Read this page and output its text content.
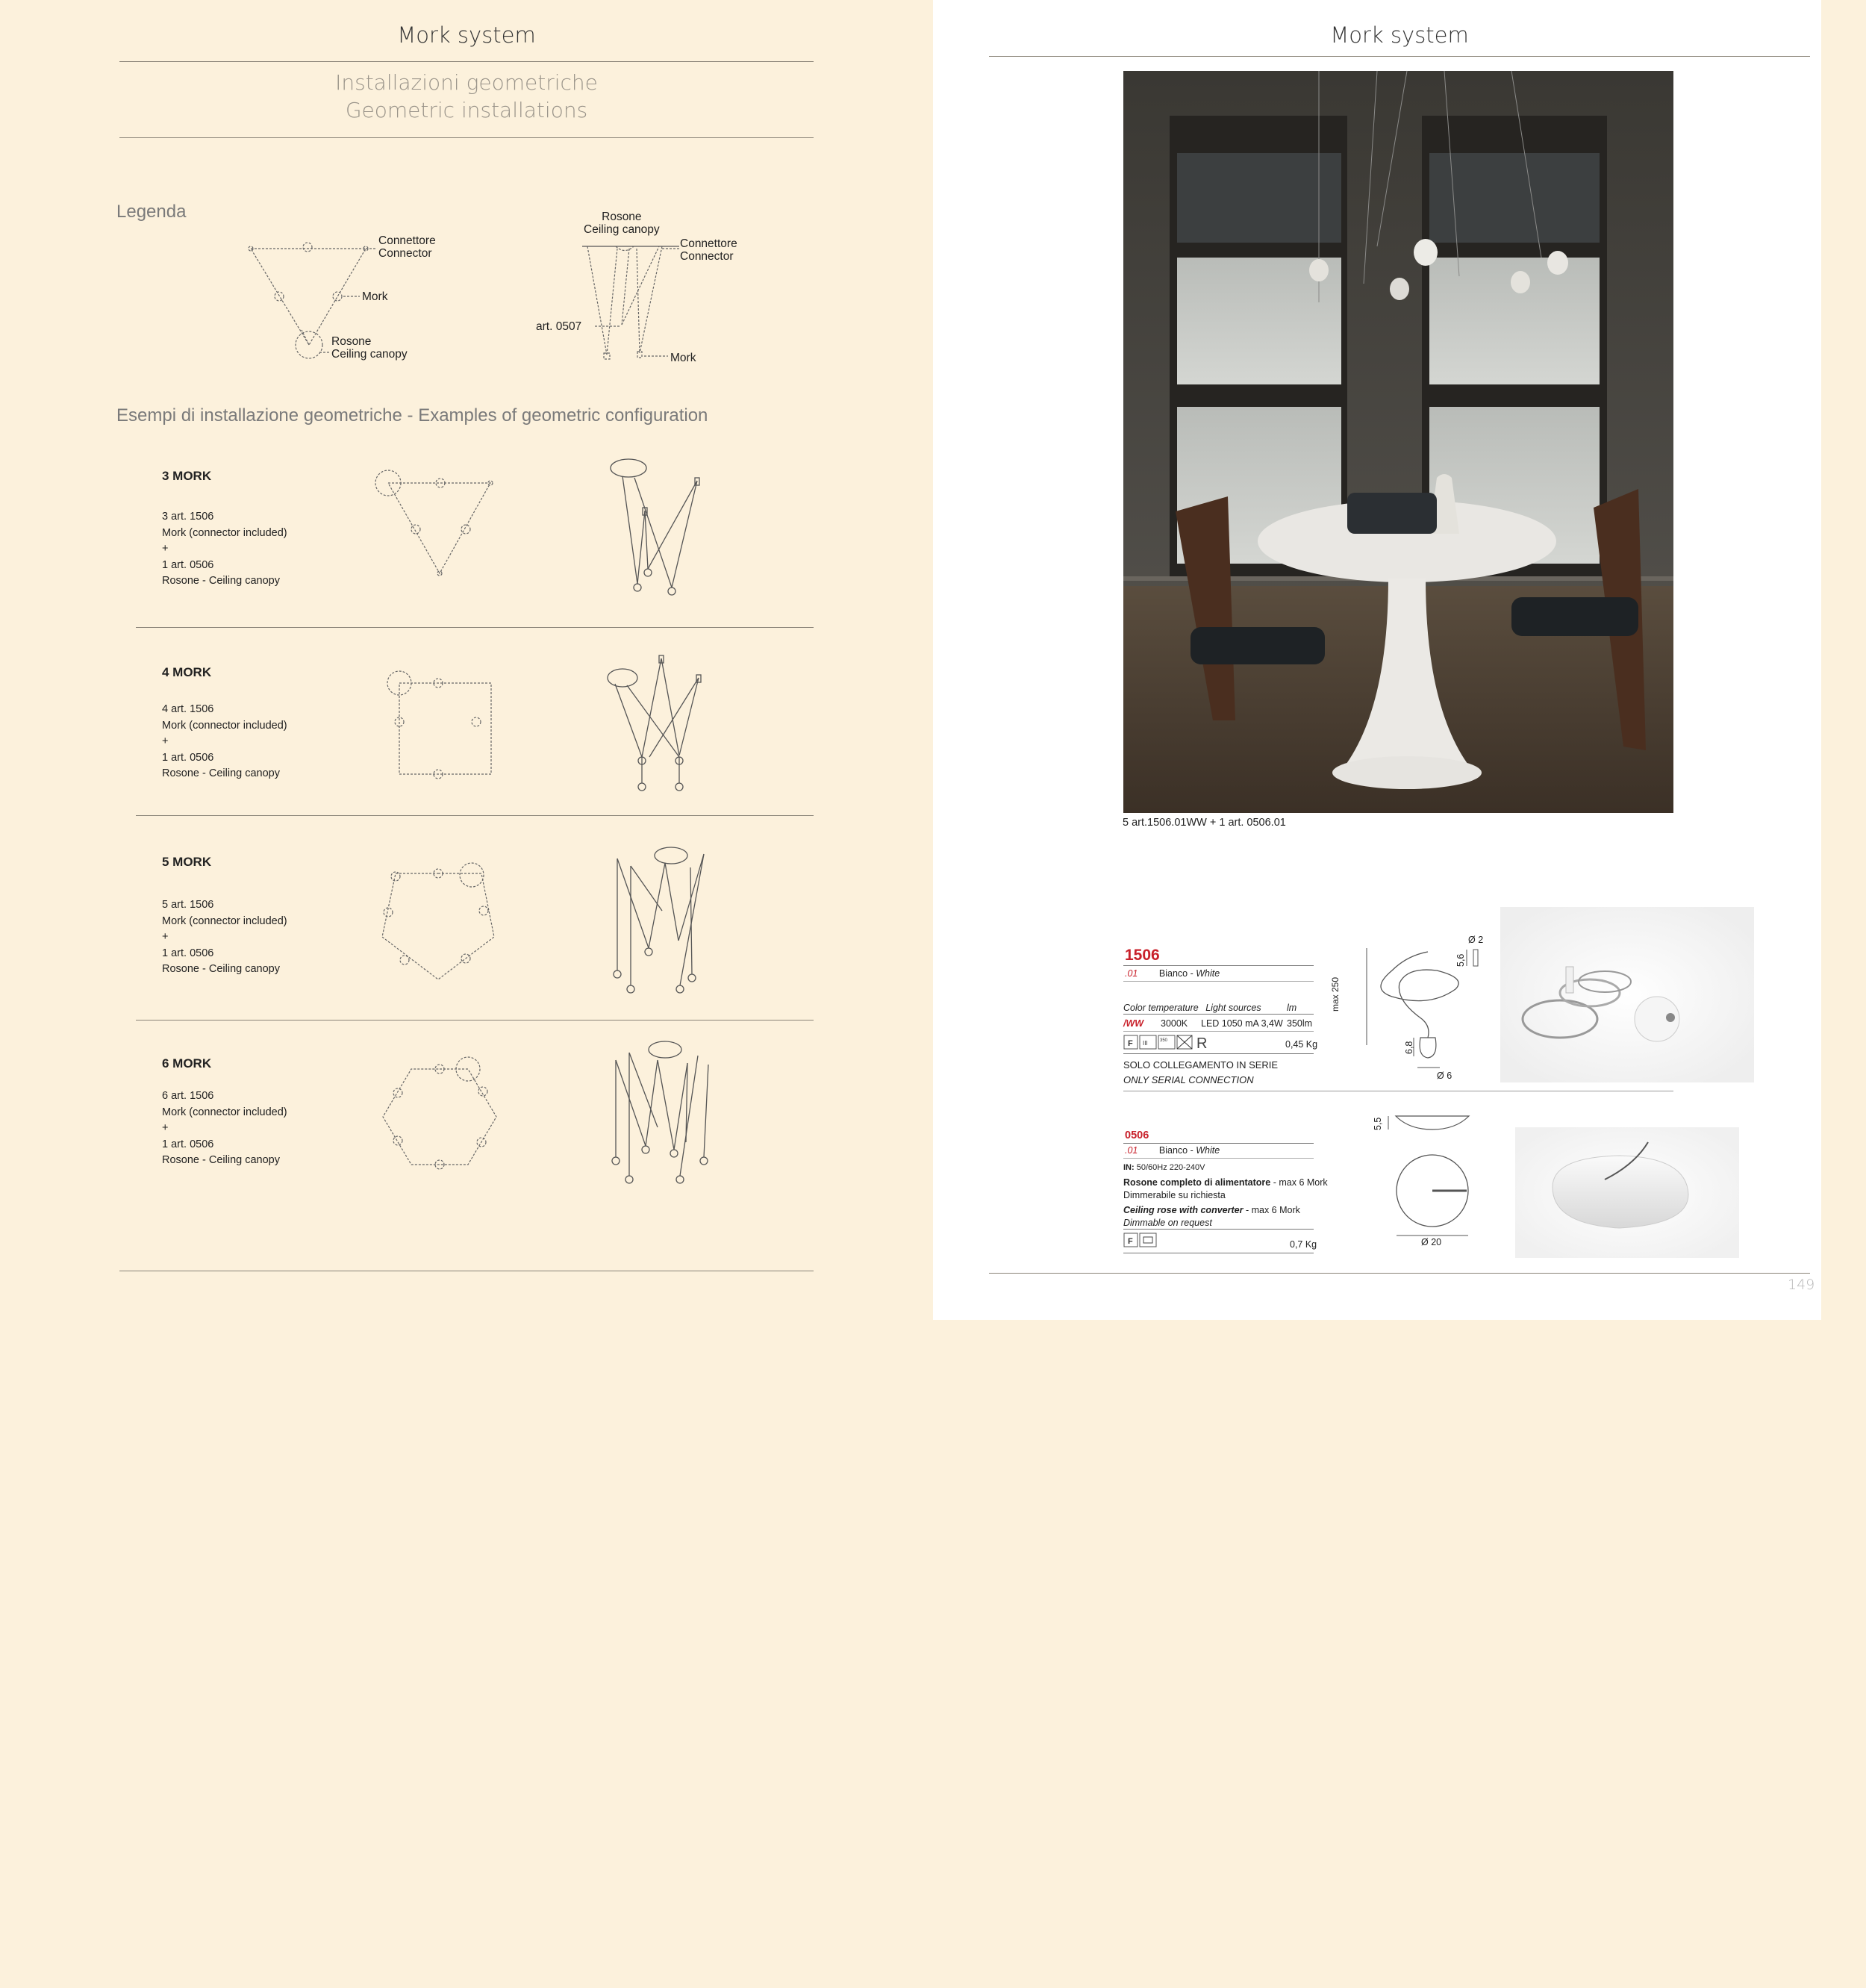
Mork system
Installazioni geometriche
Geometric installations
Legenda
Connettore
Connector
Mork
Rosone
Ceiling canopy
Rosone
Ceiling canopy
Connettore
Connector
art. 0507
Mork
Esempi di installazione geometriche - Examples of geometric configuration
3 MORK
3 art. 1506
Mork (connector included)
+
1 art. 0506
Rosone - Ceiling canopy
4 MORK
4 art. 1506
Mork (connector included)
+
1 art. 0506
Rosone - Ceiling canopy
5 MORK
5 art. 1506
Mork (connector included)
+
1 art. 0506
Rosone - Ceiling canopy
6 MORK
6 art. 1506
Mork (connector included)
+
1 art. 0506
Rosone - Ceiling canopy
Mork system
5 art.1506.01WW + 1 art. 0506.01
1506
.01 Bianco - White
Color temperature Light sources	lm
/WW 3000K LED 1050 mA 3,4W 350lm
F III	350 R	0,45 Kg
SOLO COLLEGAMENTO IN SERIE
ONLY SERIAL CONNECTION
max 250
Ø 2
5,6
6,8
Ø 6
0506
.01 Bianco - White
IN: 50/60Hz 220-240V
Rosone completo di alimentatore - max 6 Mork
Dimmerabile su richiesta
Ceiling rose with converter - max 6 Mork
Dimmable on request
F	0,7 Kg
5,5
Ø 20
149
